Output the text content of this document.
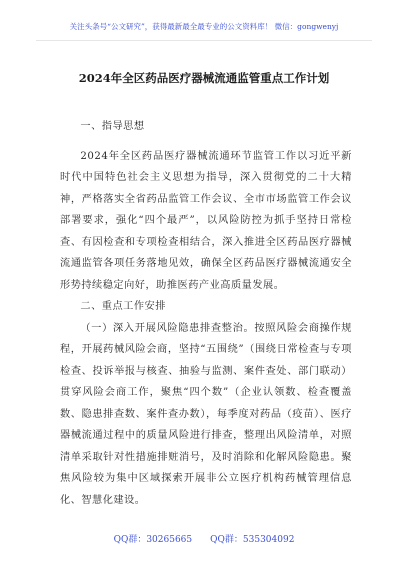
关注头条号“公文研究”，获得最新最全最专业的公文资料库！ 微信：gongwenyj
2024年全区药品医疗器械流通监管重点工作计划

一、指导思想

2024年全区药品医疗器械流通环节监管工作以习近平新时代中国特色社会主义思想为指导，深入贯彻党的二十大精神，严格落实全省药品监管工作会议、全市市场监管工作会议部署要求，强化“四个最严”，以风险防控为抓手坚持日常检查、有因检查和专项检查相结合，深入推进全区药品医疗器械流通监管各项任务落地见效，确保全区药品医疗器械流通安全形势持续稳定向好，助推医药产业高质量发展。

二、重点工作安排

（一）深入开展风险隐患排查整治。按照风险会商操作规程，开展药械风险会商，坚持“五围绕”（围绕日常检查与专项检查、投诉举报与核查、抽验与监测、案件查处、部门联动）贯穿风险会商工作，聚焦“四个数”（企业认领数、检查覆盖数、隐患排查数、案件查办数），每季度对药品（疫苗）、医疗器械流通过程中的质量风险进行排查，整理出风险清单，对照清单采取针对性措施排赃消号，及时消除和化解风险隐患。聚焦风险较为集中区域探索开展非公立医疗机构药械管理信息化、智慧化建设。

QQ群：30265665 QQ群：535304092
